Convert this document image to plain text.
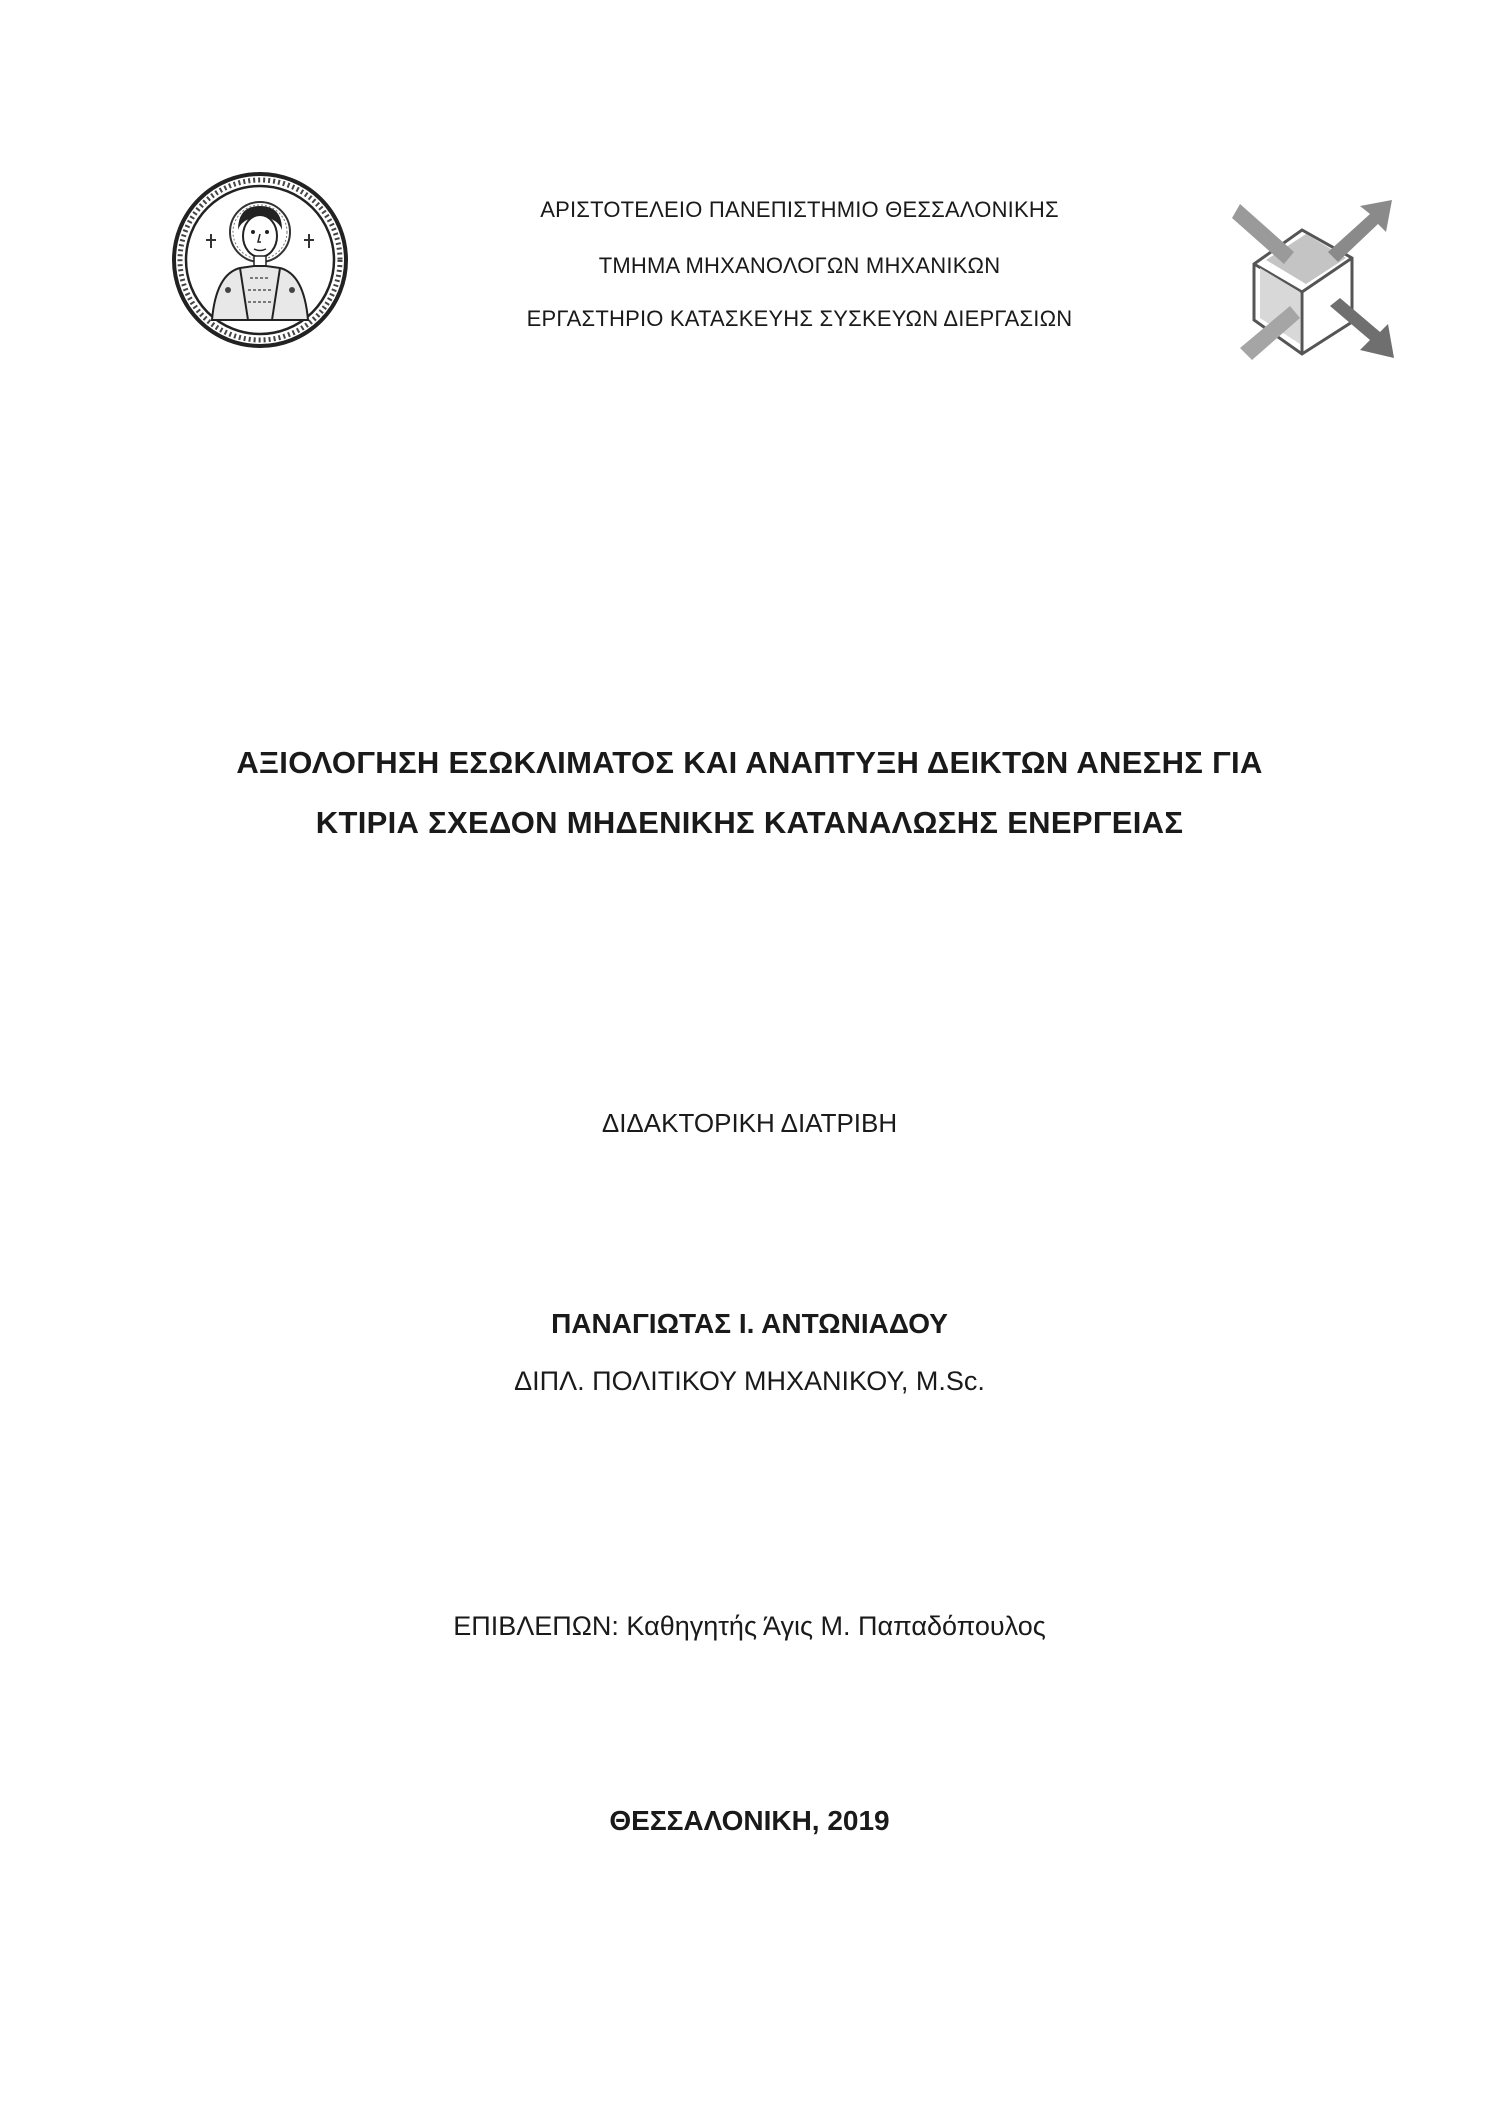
ΑΡΙΣΤΟΤΕΛΕΙΟ ΠΑΝΕΠΙΣΤΗΜΙΟ ΘΕΣΣΑΛΟΝΙΚΗΣ
ΤΜΗΜΑ ΜΗΧΑΝΟΛΟΓΩΝ ΜΗΧΑΝΙΚΩΝ
ΕΡΓΑΣΤΗΡΙΟ ΚΑΤΑΣΚΕΥΗΣ ΣΥΣΚΕΥΩΝ ΔΙΕΡΓΑΣΙΩΝ
ΑΞΙΟΛΟΓΗΣΗ ΕΣΩΚΛΙΜΑΤΟΣ ΚΑΙ ΑΝΑΠΤΥΞΗ ΔΕΙΚΤΩΝ ΑΝΕΣΗΣ ΓΙΑ
ΚΤΙΡΙΑ ΣΧΕΔΟΝ ΜΗΔΕΝΙΚΗΣ ΚΑΤΑΝΑΛΩΣΗΣ ΕΝΕΡΓΕΙΑΣ
ΔΙΔΑΚΤΟΡΙΚΗ ΔΙΑΤΡΙΒΗ
ΠΑΝΑΓΙΩΤΑΣ Ι. ΑΝΤΩΝΙΑΔΟΥ
ΔΙΠΛ. ΠΟΛΙΤΙΚΟΥ ΜΗΧΑΝΙΚΟΥ, M.Sc.
ΕΠΙΒΛΕΠΩΝ: Καθηγητής Άγις Μ. Παπαδόπουλος
ΘΕΣΣΑΛΟΝΙΚΗ, 2019
